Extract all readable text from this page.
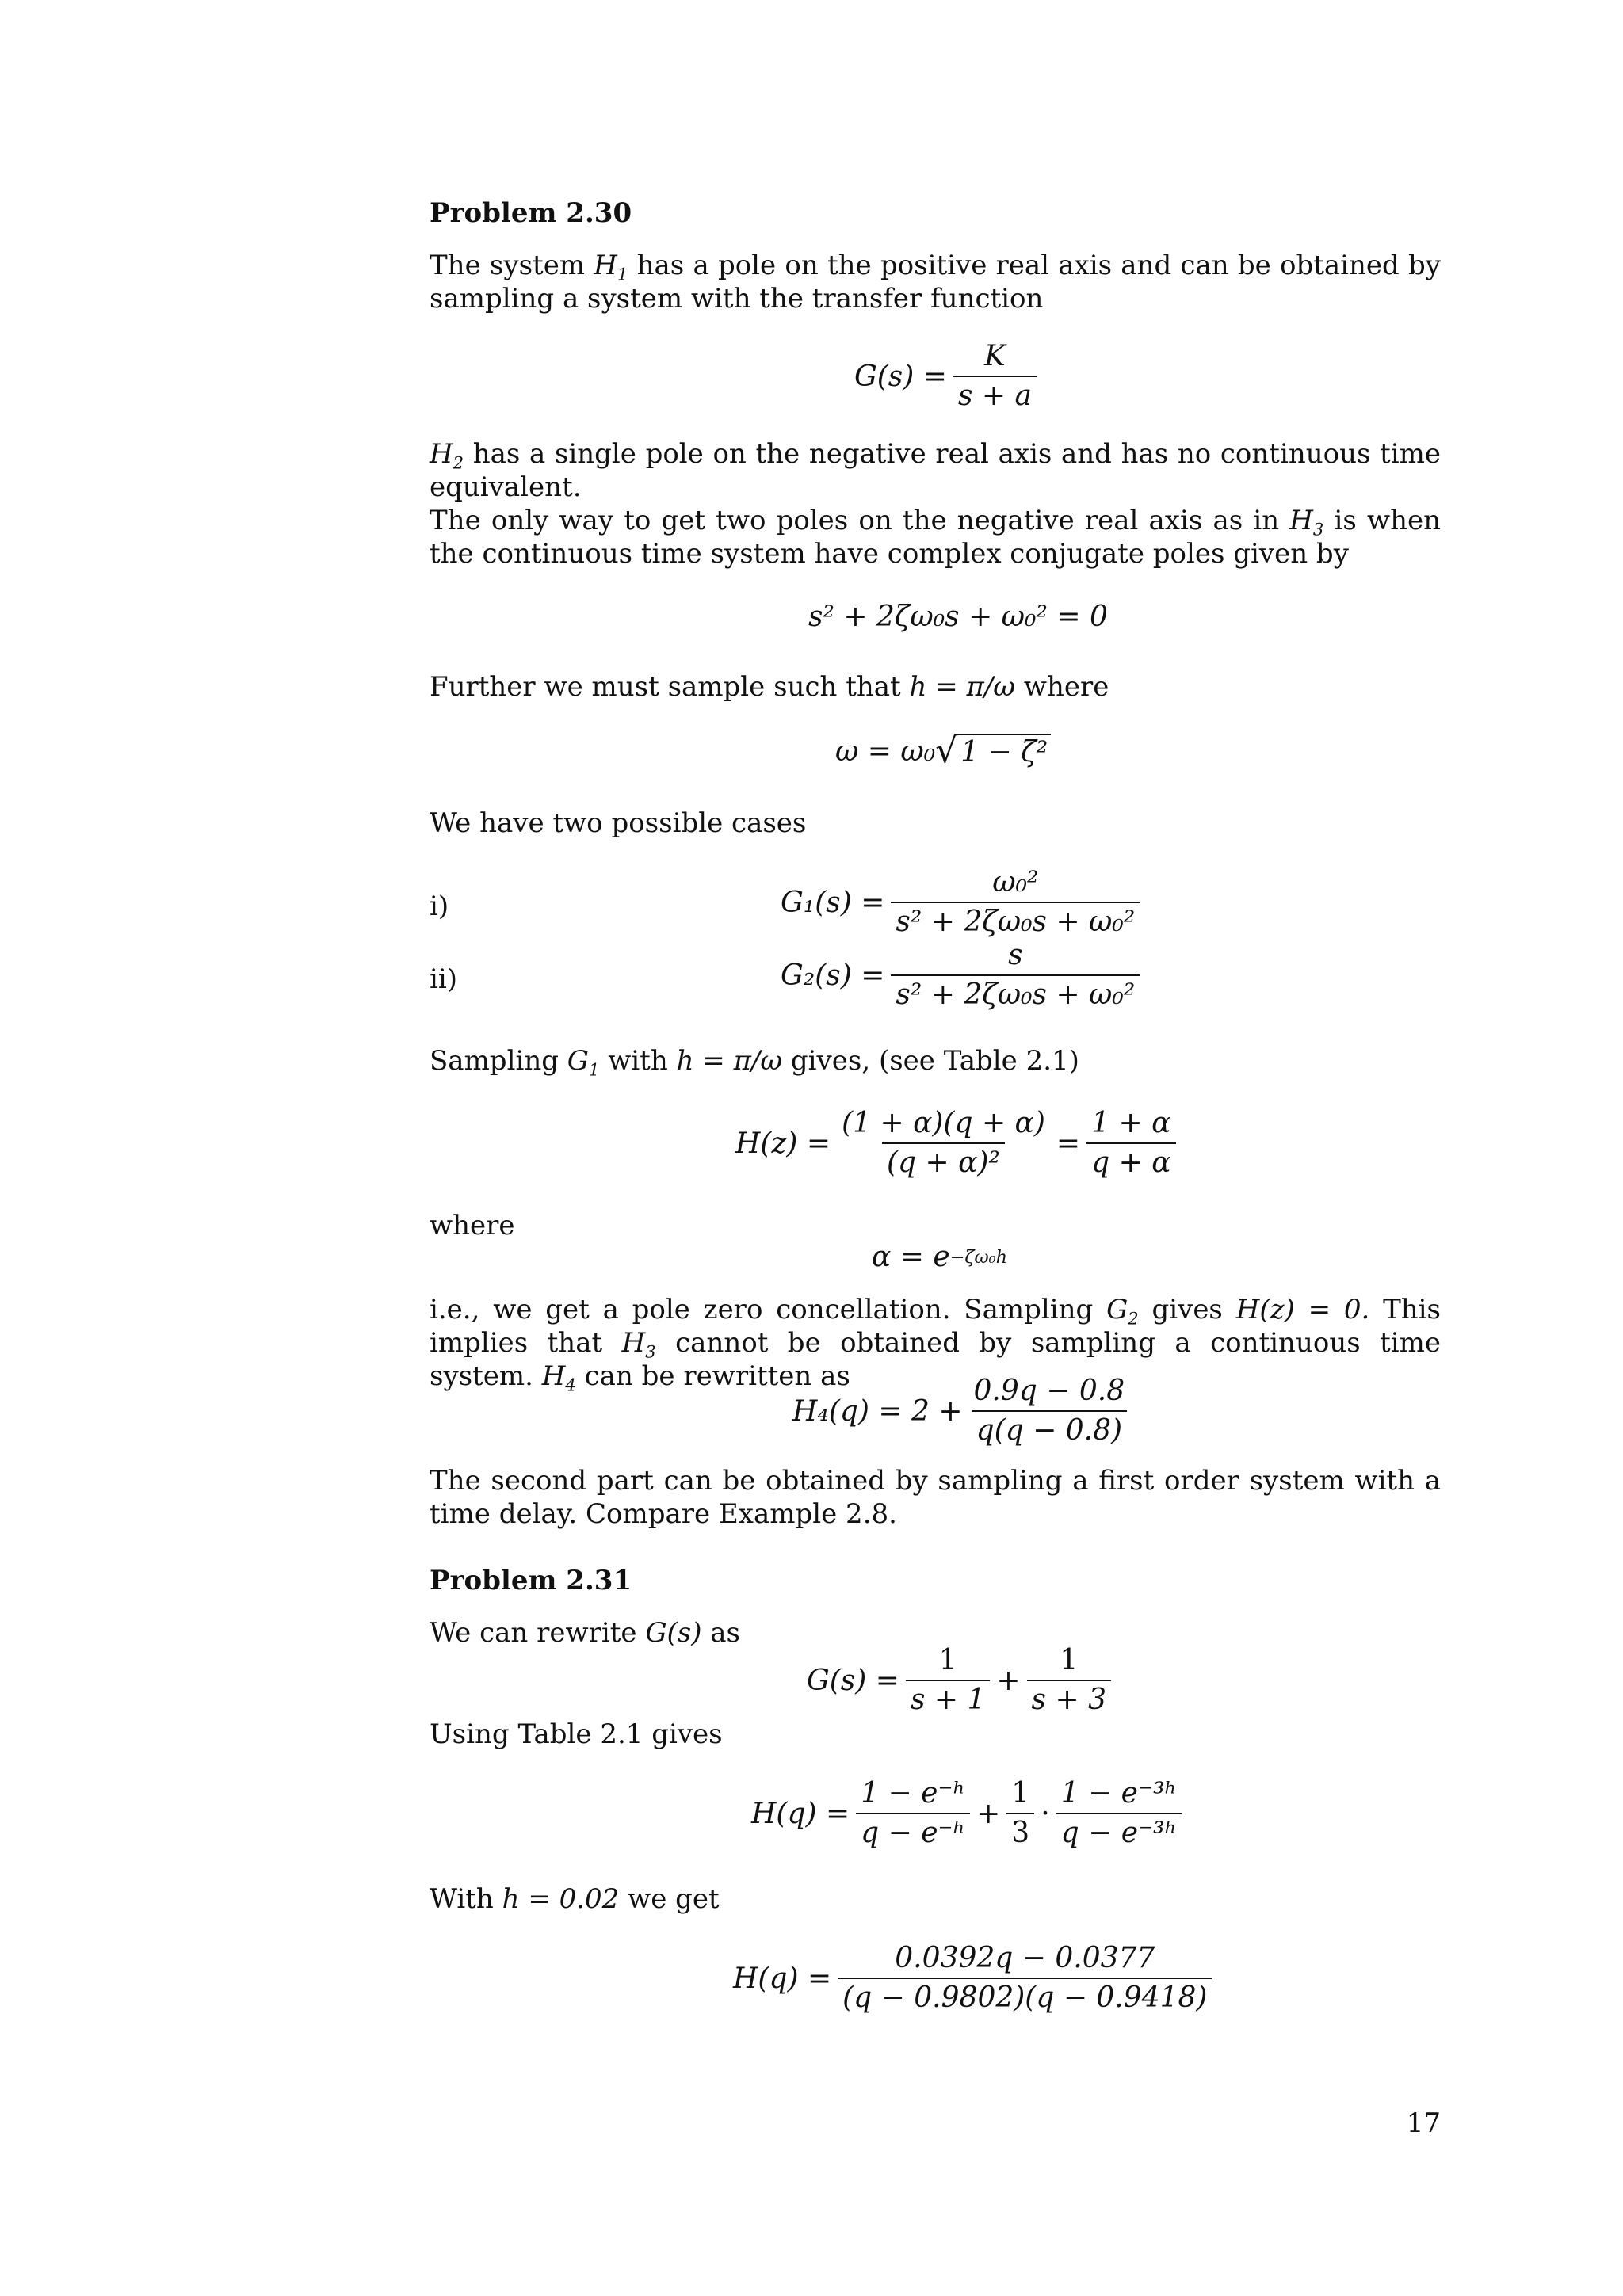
Problem 2.30
The system $H_1$ has a pole on the positive real axis and can be obtained by sampling a system with the transfer function
$G(s) = \frac{K}{s + a}$
$H_2$ has a single pole on the negative real axis and has no continuous time equivalent.
The only way to get two poles on the negative real axis as in $H_3$ is when the continuous time system have complex conjugate poles given by
s² + 2ζω₀s + ω₀² = 0
Further we must sample such that h = π/ω where
ω = ω₀ √ 1 − ζ²
We have two possible cases
i)	$G_1(s) = \frac{\text{ω₀²}}{\text{s² + 2ζω₀s + ω₀²}}$
ii)	$G_2(s) = \frac{s}{\text{s² + 2ζω₀s + ω₀²}}$
Sampling $G_1$ with h = π/ω gives, (see Table 2.1)
$H(z) = \frac{(1 + \alpha)(q + \alpha)}{\text{(q + α)²}} = \frac{1 + \alpha}{q + \alpha}$
where
α = e −ζω₀h
i.e., we get a pole zero concellation. Sampling $G_2$ gives H(z) = 0. This implies that $H_3$ cannot be obtained by sampling a continuous time system. $H_4$ can be rewritten as
$H_4(q) = 2 + \frac{0.9q - 0.8}{q(q - 0.8)}$
The second part can be obtained by sampling a first order system with a time delay. Compare Example 2.8.
Problem 2.31
We can rewrite G(s) as
$G(s) = \frac{1}{s + 1} + \frac{1}{s + 3}$
Using Table 2.1 gives
$H(q) = \frac{\text{1 − e⁻ʰ}}{\text{q − e⁻ʰ}} + \frac{1}{3} \cdot \frac{\text{1 − e⁻³ʰ}}{\text{q − e⁻³ʰ}}$
With h = 0.02 we get
$H(q) = \frac{0.0392q - 0.0377}{(q - 0.9802)(q - 0.9418)}$
17
